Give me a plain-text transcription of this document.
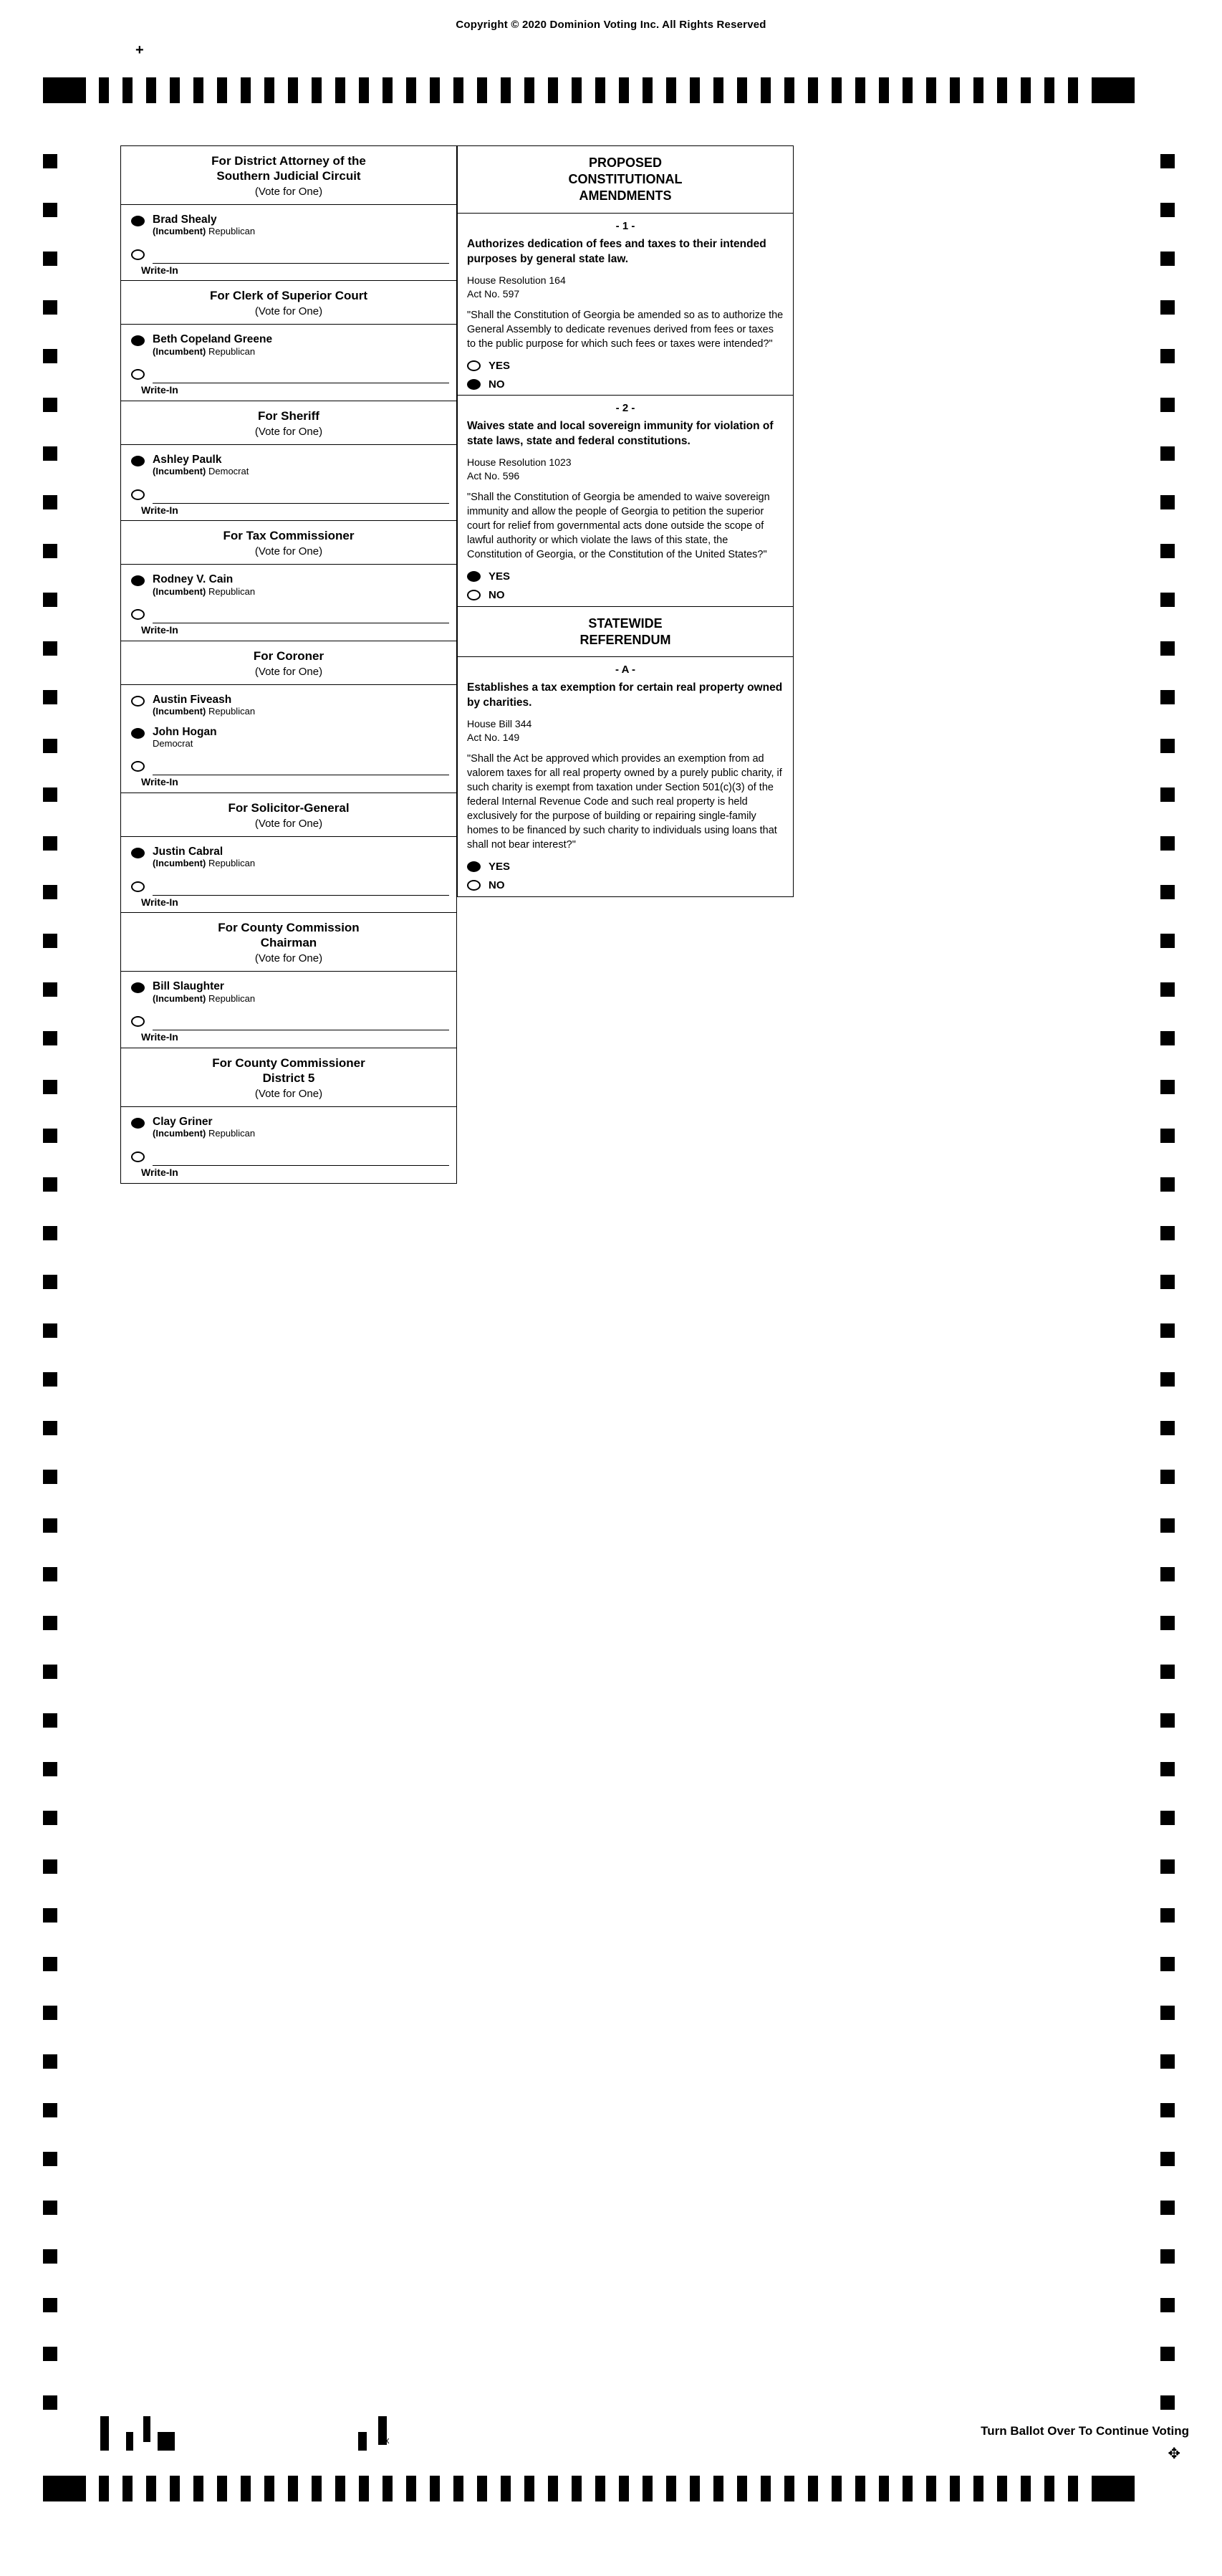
Copyright © 2020 Dominion Voting Inc. All Rights Reserved
+
For District Attorney of the
Southern Judicial Circuit
(Vote for One)
Brad Shealy
(Incumbent) Republican
Write-In
For Clerk of Superior Court
(Vote for One)
Beth Copeland Greene
(Incumbent) Republican
Write-In
For Sheriff
(Vote for One)
Ashley Paulk
(Incumbent) Democrat
Write-In
For Tax Commissioner
(Vote for One)
Rodney V. Cain
(Incumbent) Republican
Write-In
For Coroner
(Vote for One)
Austin Fiveash
(Incumbent) Republican
John Hogan
Democrat
Write-In
For Solicitor-General
(Vote for One)
Justin Cabral
(Incumbent) Republican
Write-In
For County Commission
Chairman
(Vote for One)
Bill Slaughter
(Incumbent) Republican
Write-In
For County Commissioner
District 5
(Vote for One)
Clay Griner
(Incumbent) Republican
Write-In
PROPOSED
CONSTITUTIONAL
AMENDMENTS
- 1 -
Authorizes dedication of fees and taxes to their intended purposes by general state law.
House Resolution 164
Act No. 597
"Shall the Constitution of Georgia be amended so as to authorize the General Assembly to dedicate revenues derived from fees or taxes to the public purpose for which such fees or taxes were intended?"
YES
NO
- 2 -
Waives state and local sovereign immunity for violation of state laws, state and federal constitutions.
House Resolution 1023
Act No. 596
"Shall the Constitution of Georgia be amended to waive sovereign immunity and allow the people of Georgia to petition the superior court for relief from governmental acts done outside the scope of lawful authority or which violate the laws of this state, the Constitution of Georgia, or the Constitution of the United States?"
YES
NO
STATEWIDE
REFERENDUM
- A -
Establishes a tax exemption for certain real property owned by charities.
House Bill 344
Act No. 149
"Shall the Act be approved which provides an exemption from ad valorem taxes for all real property owned by a purely public charity, if such charity is exempt from taxation under Section 501(c)(3) of the federal Internal Revenue Code and such real property is held exclusively for the purpose of building or repairing single-family homes to be financed by such charity to individuals using loans that shall not bear interest?"
YES
NO
x
Turn Ballot Over To Continue Voting
✥
